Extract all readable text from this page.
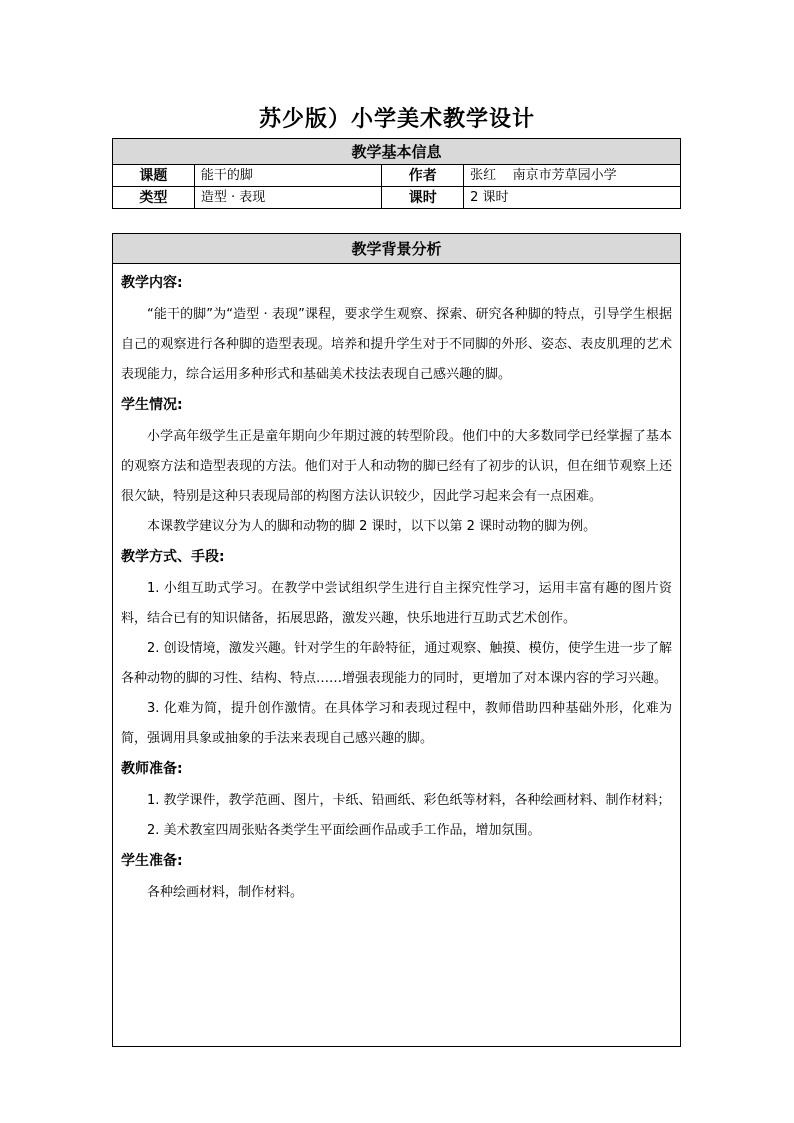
苏少版）小学美术教学设计
教学基本信息			
课题	能干的脚	作者	张红    南京市芳草园小学
类型	造型 · 表现	课时	2 课时
教学背景分析

教学内容:

“能干的脚”为“造型 · 表现”课程，要求学生观察、探索、研究各种脚的特点，引导学生根据自己的观察进行各种脚的造型表现。培养和提升学生对于不同脚的外形、姿态、表皮肌理的艺术表现能力，综合运用多种形式和基础美术技法表现自己感兴趣的脚。

学生情况:

小学高年级学生正是童年期向少年期过渡的转型阶段。他们中的大多数同学已经掌握了基本的观察方法和造型表现的方法。他们对于人和动物的脚已经有了初步的认识，但在细节观察上还很欠缺，特别是这种只表现局部的构图方法认识较少，因此学习起来会有一点困难。

本课教学建议分为人的脚和动物的脚 2 课时，以下以第 2 课时动物的脚为例。

教学方式、手段:

1. 小组互助式学习。在教学中尝试组织学生进行自主探究性学习，运用丰富有趣的图片资料，结合已有的知识储备，拓展思路，激发兴趣，快乐地进行互助式艺术创作。

2. 创设情境，激发兴趣。针对学生的年龄特征，通过观察、触摸、模仿，使学生进一步了解各种动物的脚的习性、结构、特点……增强表现能力的同时，更增加了对本课内容的学习兴趣。

3. 化难为简，提升创作激情。在具体学习和表现过程中，教师借助四种基础外形，化难为简，强调用具象或抽象的手法来表现自己感兴趣的脚。

教师准备:

1. 教学课件，教学范画、图片，卡纸、铅画纸、彩色纸等材料，各种绘画材料、制作材料；

2. 美术教室四周张贴各类学生平面绘画作品或手工作品，增加氛围。

学生准备:

各种绘画材料，制作材料。
